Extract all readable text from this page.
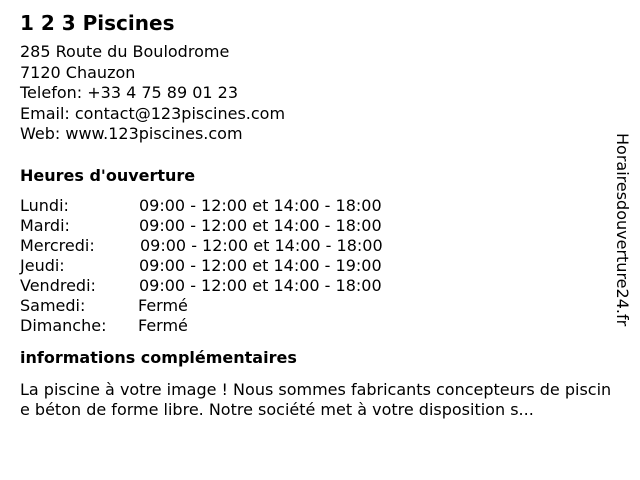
1 2 3 Piscines
285 Route du Boulodrome
7120 Chauzon
Telefon: +33 4 75 89 01 23
Email: contact@123piscines.com
Web: www.123piscines.com
Heures d'ouverture
Lundi:	09:00 - 12:00 et 14:00 - 18:00
Mardi:	09:00 - 12:00 et 14:00 - 18:00
Mercredi:	09:00 - 12:00 et 14:00 - 18:00
Jeudi:	09:00 - 12:00 et 14:00 - 19:00
Vendredi:	09:00 - 12:00 et 14:00 - 18:00
Samedi:	Fermé
Dimanche:	Fermé
informations complémentaires
La piscine à votre image ! Nous sommes fabricants concepteurs de piscine béton de forme libre. Notre société met à votre disposition s...
Horairesdouverture24.fr
